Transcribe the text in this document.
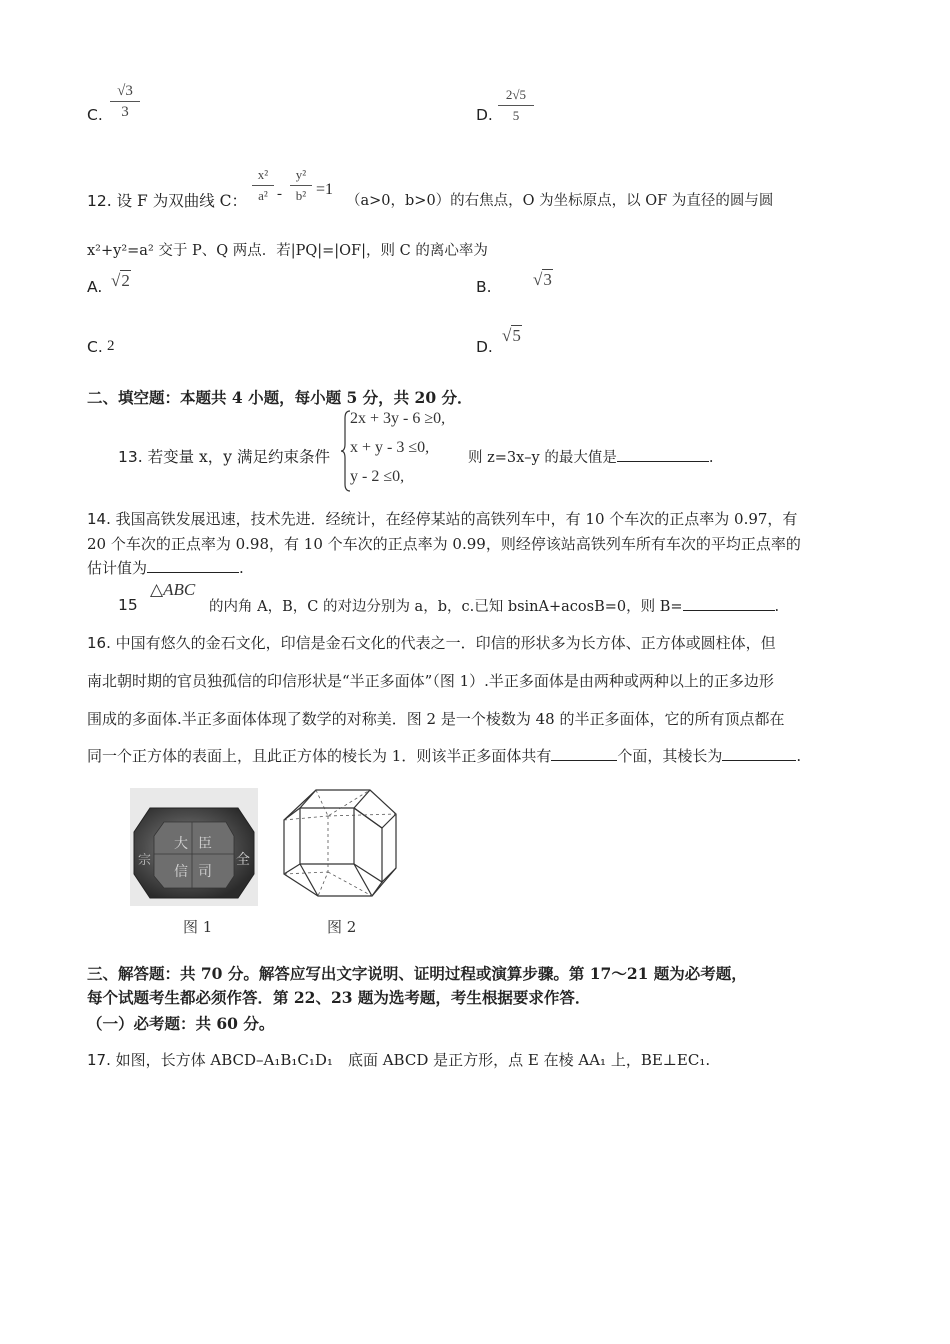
C.
√3
3	D.
2√5
5
12. 设 F 为双曲线 C：
x²
a² -
y²
b² =1
（a>0，b>0）的右焦点，O 为坐标原点，以 OF 为直径的圆与圆
x²+y²=a² 交于 P、Q 两点．若|PQ|=|OF|，则 C 的离心率为
A. √2	B. √3
C. 2	D.
√5
二、填空题：本题共 4 小题，每小题 5 分，共 20 分．
13. 若变量 x，y 满足约束条件
2x + 3y - 6 ≥0,
x + y - 3 ≤0,
y - 2 ≤0,
则 z=3x–y 的最大值是	.
14. 我国高铁发展迅速，技术先进．经统计，在经停某站的高铁列车中，有 10 个车次的正点率为 0.97，有
20 个车次的正点率为 0.98，有 10 个车次的正点率为 0.99，则经停该站高铁列车所有车次的平均正点率的
估计值为	.
15
△ABC
的内角 A，B，C 的对边分别为 a，b，c.已知 bsinA+acosB=0，则 B=	.
16. 中国有悠久的金石文化，印信是金石文化的代表之一．印信的形状多为长方体、正方体或圆柱体，但
南北朝时期的官员独孤信的印信形状是“半正多面体”（图 1）.半正多面体是由两种或两种以上的正多边形
围成的多面体.半正多面体体现了数学的对称美．图 2 是一个棱数为 48 的半正多面体，它的所有顶点都在
同一个正方体的表面上，且此正方体的棱长为 1．则该半正多面体共有	个面，其棱长为	.
大 臣
信 司
全
宗
图 1	图 2
三、解答题：共 70 分。解答应写出文字说明、证明过程或演算步骤。第 17～21 题为必考题，
每个试题考生都必须作答．第 22、23 题为选考题，考生根据要求作答．
（一）必考题：共 60 分。
17. 如图，长方体 ABCD–A₁B₁C₁D₁　底面 ABCD 是正方形，点 E 在棱 AA₁ 上，BE⊥EC₁.
